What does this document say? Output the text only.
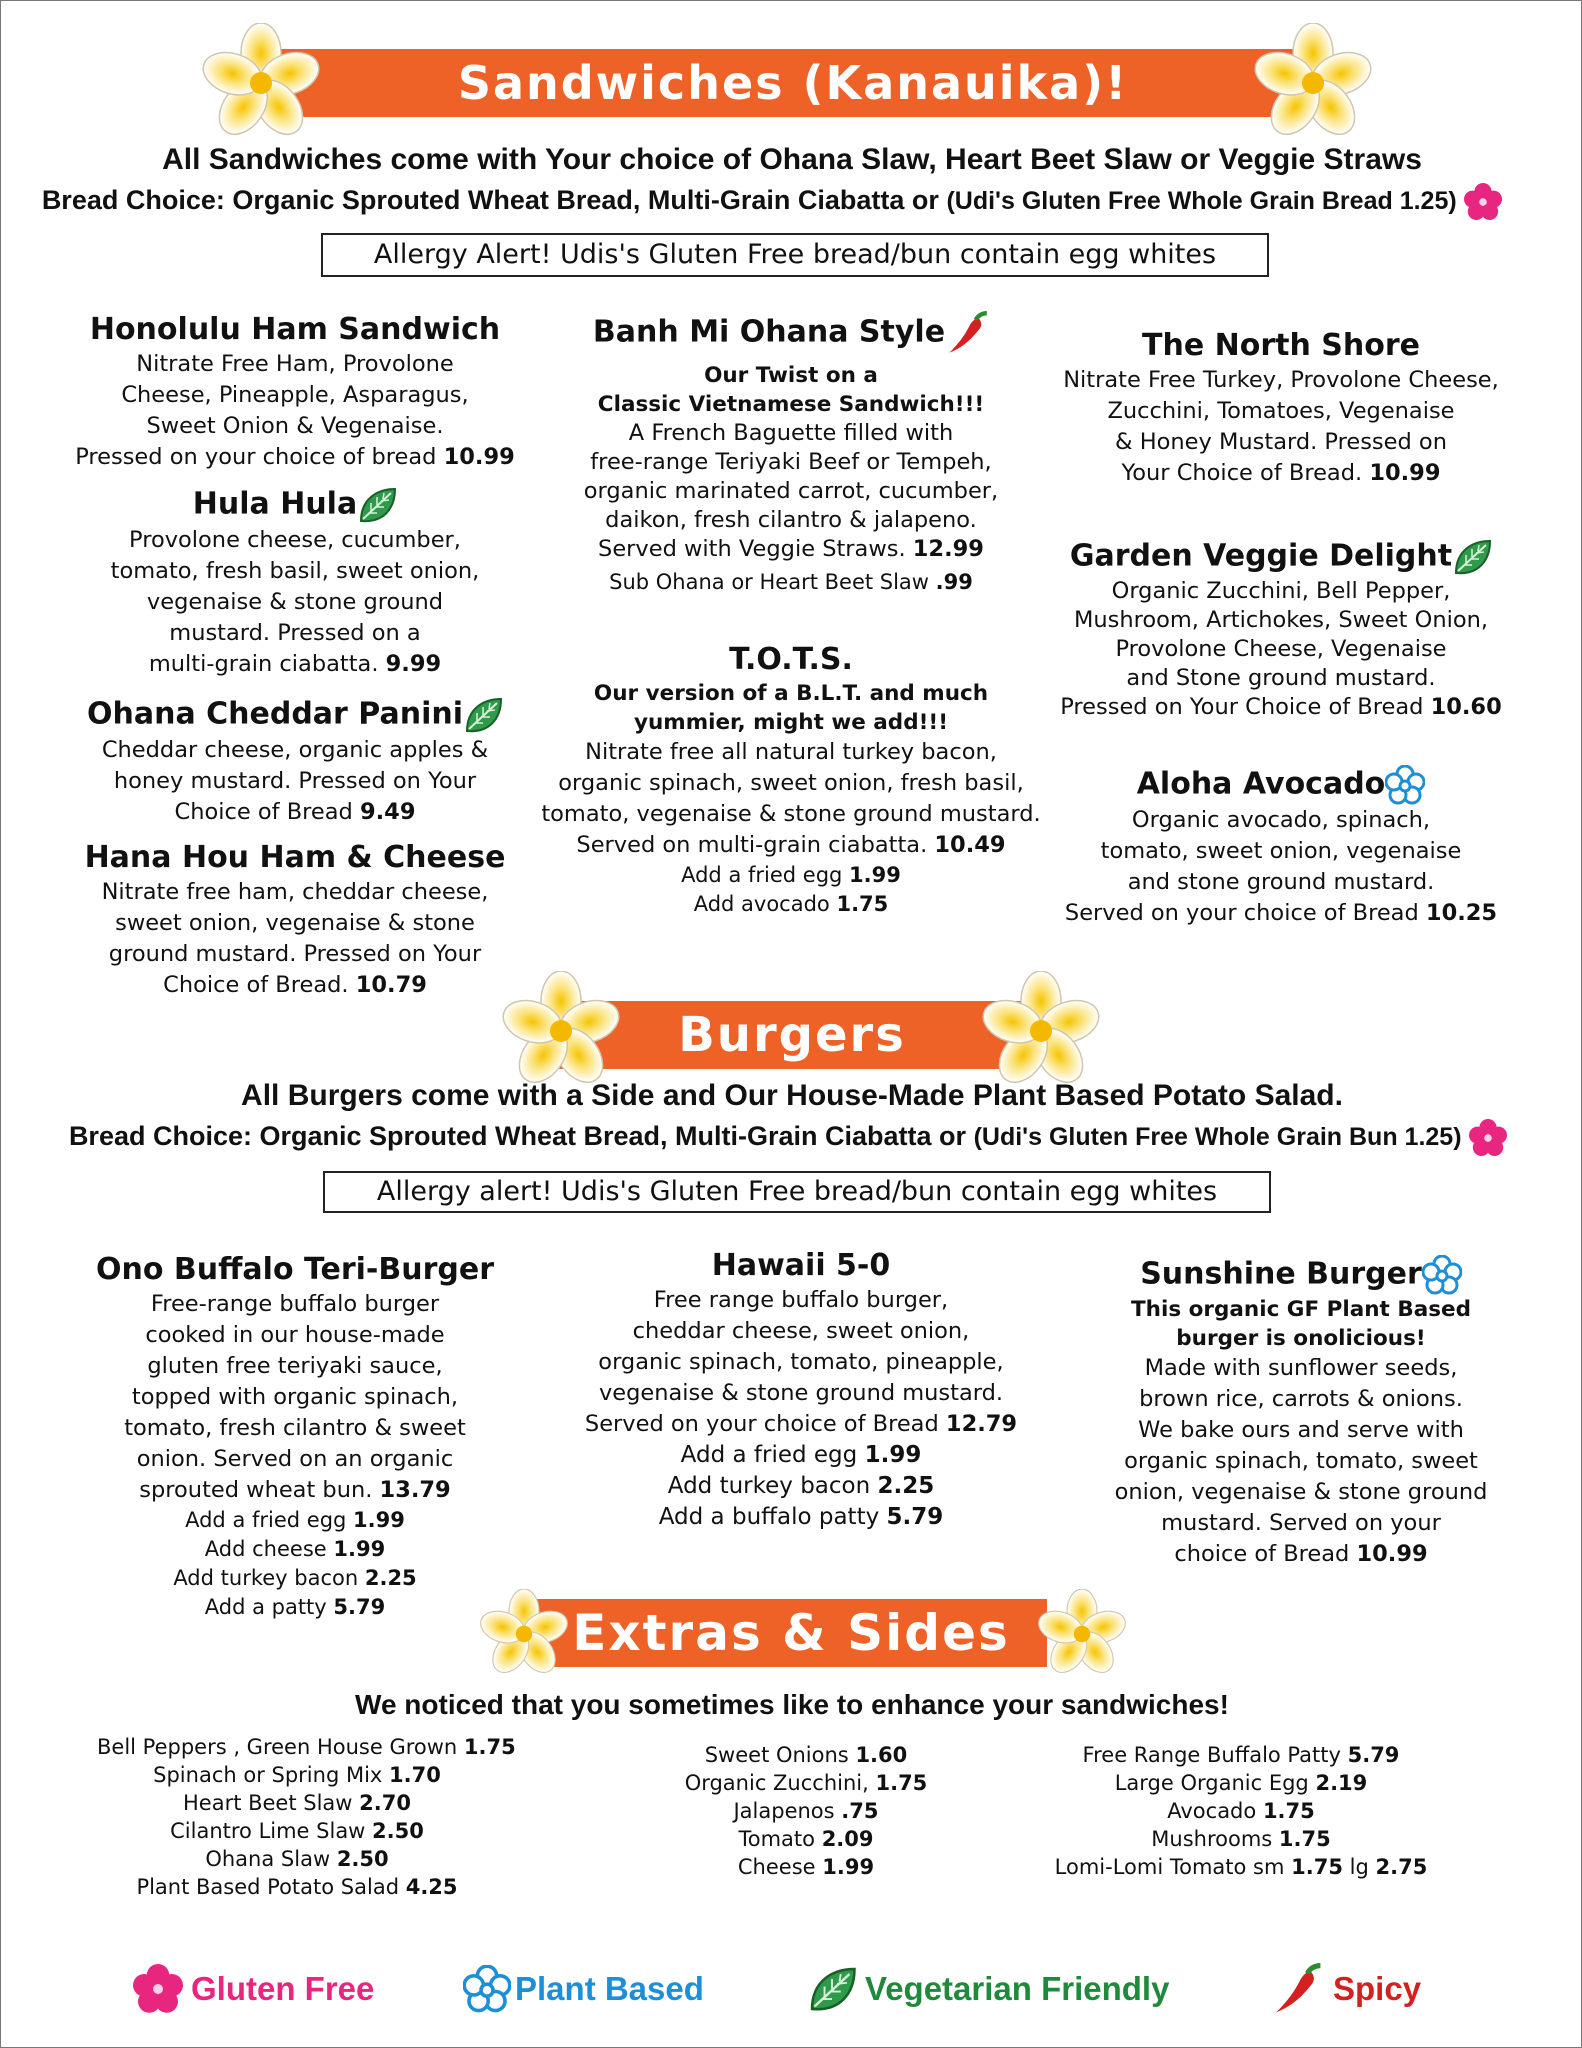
Sandwiches (Kanauika)!
All Sandwiches come with Your choice of Ohana Slaw, Heart Beet Slaw or Veggie Straws
Bread Choice: Organic Sprouted Wheat Bread, Multi-Grain Ciabatta or (Udi's Gluten Free Whole Grain Bread 1.25)
Allergy Alert! Udis's Gluten Free bread/bun contain egg whites
Honolulu Ham Sandwich
Nitrate Free Ham, Provolone
Cheese, Pineapple, Asparagus,
Sweet Onion & Vegenaise.
Pressed on your choice of bread 10.99
Hula Hula
Provolone cheese, cucumber,
tomato, fresh basil, sweet onion,
vegenaise & stone ground
mustard. Pressed on a
multi-grain ciabatta. 9.99
Ohana Cheddar Panini
Cheddar cheese, organic apples &
honey mustard. Pressed on Your
Choice of Bread 9.49
Hana Hou Ham & Cheese
Nitrate free ham, cheddar cheese,
sweet onion, vegenaise & stone
ground mustard. Pressed on Your
Choice of Bread. 10.79
Banh Mi Ohana Style
Our Twist on a
Classic Vietnamese Sandwich!!!
A French Baguette filled with
free-range Teriyaki Beef or Tempeh,
organic marinated carrot, cucumber,
daikon, fresh cilantro & jalapeno.
Served with Veggie Straws. 12.99
Sub Ohana or Heart Beet Slaw .99
T.O.T.S.
Our version of a B.L.T. and much
yummier, might we add!!!
Nitrate free all natural turkey bacon,
organic spinach, sweet onion, fresh basil,
tomato, vegenaise & stone ground mustard.
Served on multi-grain ciabatta. 10.49
Add a fried egg 1.99
Add avocado 1.75
The North Shore
Nitrate Free Turkey, Provolone Cheese,
Zucchini, Tomatoes, Vegenaise
& Honey Mustard. Pressed on
Your Choice of Bread. 10.99
Garden Veggie Delight
Organic Zucchini, Bell Pepper,
Mushroom, Artichokes, Sweet Onion,
Provolone Cheese, Vegenaise
and Stone ground mustard.
Pressed on Your Choice of Bread 10.60
Aloha Avocado
Organic avocado, spinach,
tomato, sweet onion, vegenaise
and stone ground mustard.
Served on your choice of Bread 10.25
Burgers
All Burgers come with a Side and Our House-Made Plant Based Potato Salad.
Bread Choice: Organic Sprouted Wheat Bread, Multi-Grain Ciabatta or (Udi's Gluten Free Whole Grain Bun 1.25)
Allergy alert! Udis's Gluten Free bread/bun contain egg whites
Ono Buffalo Teri-Burger
Free-range buffalo burger
cooked in our house-made
gluten free teriyaki sauce,
topped with organic spinach,
tomato, fresh cilantro & sweet
onion. Served on an organic
sprouted wheat bun. 13.79
Add a fried egg 1.99
Add cheese 1.99
Add turkey bacon 2.25
Add a patty 5.79
Hawaii 5-0
Free range buffalo burger,
cheddar cheese, sweet onion,
organic spinach, tomato, pineapple,
vegenaise & stone ground mustard.
Served on your choice of Bread 12.79
Add a fried egg 1.99
Add turkey bacon 2.25
Add a buffalo patty 5.79
Sunshine Burger
This organic GF Plant Based
burger is onolicious!
Made with sunflower seeds,
brown rice, carrots & onions.
We bake ours and serve with
organic spinach, tomato, sweet
onion, vegenaise & stone ground
mustard. Served on your
choice of Bread 10.99
Extras & Sides
We noticed that you sometimes like to enhance your sandwiches!
Bell Peppers , Green House Grown 1.75
Spinach or Spring Mix 1.70
Heart Beet Slaw 2.70
Cilantro Lime Slaw 2.50
Ohana Slaw 2.50
Plant Based Potato Salad 4.25
Sweet Onions 1.60
Organic Zucchini, 1.75
Jalapenos .75
Tomato 2.09
Cheese 1.99
Free Range Buffalo Patty 5.79
Large Organic Egg 2.19
Avocado 1.75
Mushrooms 1.75
Lomi-Lomi Tomato sm 1.75 lg 2.75
Gluten Free	Plant Based	Vegetarian Friendly	Spicy
